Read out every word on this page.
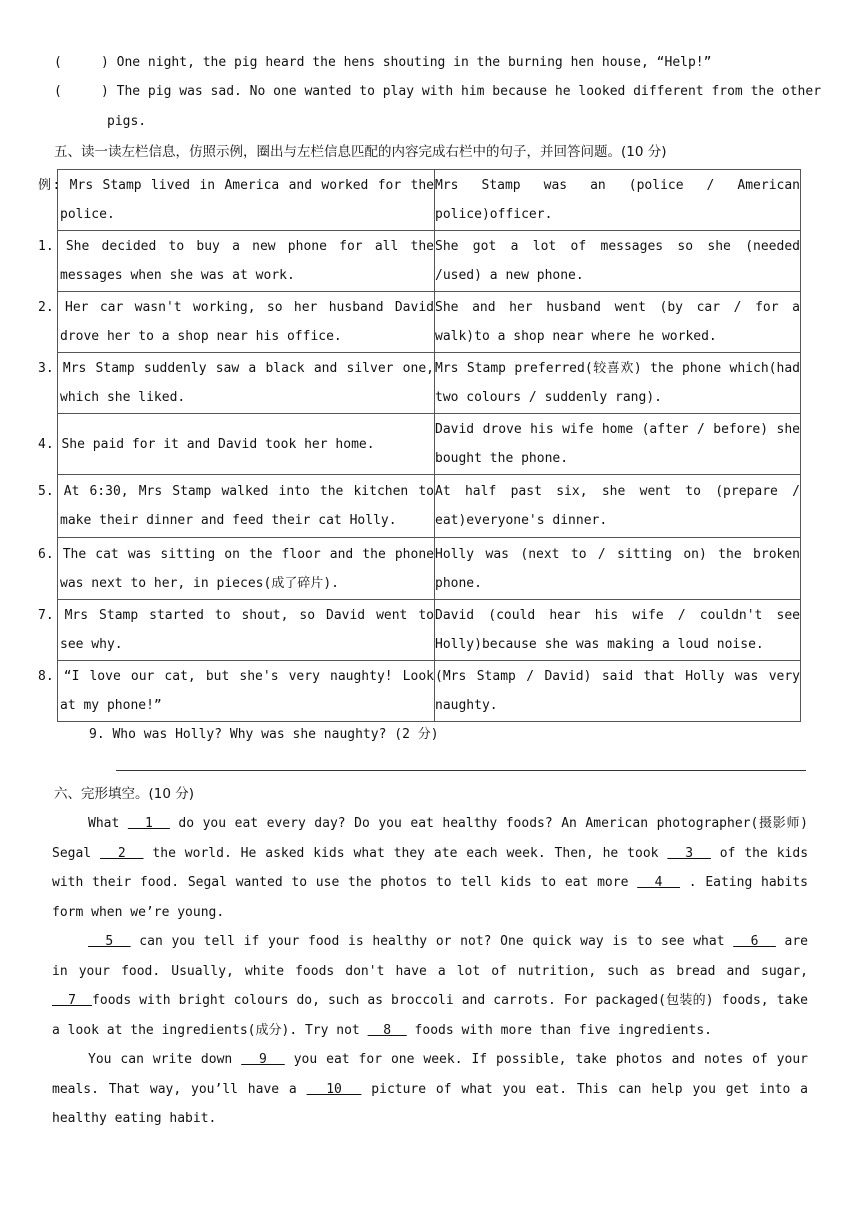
(     ) One night, the pig heard the hens shouting in the burning hen house, “Help!”
(     ) The pig was sad. No one wanted to play with him because he looked different from the other
pigs.
五、读一读左栏信息，仿照示例，圈出与左栏信息匹配的内容完成右栏中的句子，并回答问题。(10 分)
例: Mrs Stamp lived in America and worked for the police.	Mrs Stamp was an (police / American police)officer.
1. She decided to buy a new phone for all the messages when she was at work.	She got a lot of messages so she (needed /used) a new phone.
2. Her car wasn't working, so her husband David drove her to a shop near his office.	She and her husband went (by car / for a walk)to a shop near where he worked.
3. Mrs Stamp suddenly saw a black and silver one, which she liked.	Mrs Stamp preferred(较喜欢) the phone which(had two colours / suddenly rang).
4. She paid for it and David took her home.	David drove his wife home (after / before) she bought the phone.
5. At 6:30, Mrs Stamp walked into the kitchen to make their dinner and feed their cat Holly.	At half past six, she went to (prepare / eat)everyone's dinner.
6. The cat was sitting on the floor and the phone was next to her, in pieces(成了碎片).	Holly was (next to / sitting on) the broken phone.
7. Mrs Stamp started to shout, so David went to see why.	David (could hear his wife / couldn't see Holly)because she was making a loud noise.
8. “I love our cat, but she's very naughty! Look at my phone!”	(Mrs Stamp / David) said that Holly was very naughty.
9. Who was Holly? Why was she naughty? (2 分)
六、完形填空。(10 分)
What   1   do you eat every day? Do you eat healthy foods? An American photographer(摄影师) Segal   2   the world. He asked kids what they ate each week. Then, he took   3   of the kids with their food. Segal wanted to use the photos to tell kids to eat more   4   . Eating habits form when we’re young.
5   can you tell if your food is healthy or not? One quick way is to see what   6   are in your food. Usually, white foods don't have a lot of nutrition, such as bread and sugar,  7  foods with bright colours do, such as broccoli and carrots. For packaged(包装的) foods, take a look at the ingredients(成分). Try not   8   foods with more than five ingredients.
You can write down   9   you eat for one week. If possible, take photos and notes of your meals. That way, you’ll have a   10   picture of what you eat. This can help you get into a healthy eating habit.
